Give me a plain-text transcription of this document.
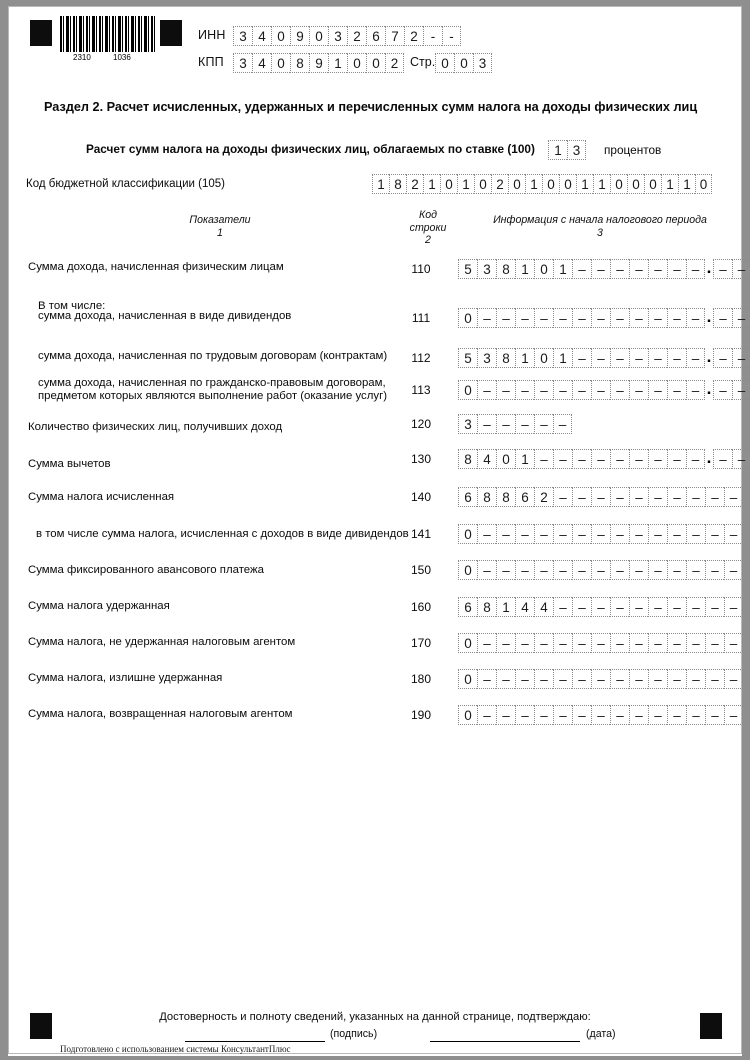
2310	1036
ИНН	3 4 0 9 0 3 2 6 7 2 -	-
КПП	3 4 0 8 9 1 0 0 2 Стр. 0 0 3
Раздел 2. Расчет исчисленных, удержанных и перечисленных сумм налога на доходы физических лиц
Расчет сумм налога на доходы физических лиц, облагаемых по ставке (100)	1 3	процентов
Код бюджетной классификации (105)	1 8 2 1 0 1 0 2 0 1 0 0 1 1 0 0 0 1 1 0
Показатели
1
Код
строки
2
Информация с начала налогового периода
3
В том числе:
Сумма дохода, начисленная физическим лицам	110	5 3 8 1 0 1 – – – – – – – . – –
сумма дохода, начисленная в виде дивидендов	111	0 – – – – – – – – – – – – . – –
сумма дохода, начисленная по трудовым договорам (контрактам)	112	5 3 8 1 0 1 – – – – – – – . – –
сумма дохода, начисленная по гражданско-правовым договорам,
предметом которых являются выполнение работ (оказание услуг)	113	0 – – – – – – – – – – – – . – –
Количество физических лиц, получивших доход	120	3 – – – – –
Сумма вычетов	130	8 4 0 1 – – – – – – – – – . – –
Сумма налога исчисленная	140	6 8 8 6 2 – – – – – – – – – –
в том числе сумма налога, исчисленная с доходов в виде дивидендов 141	0 – – – – – – – – – – – – – –
Сумма фиксированного авансового платежа	150	0 – – – – – – – – – – – – – –
Сумма налога удержанная	160	6 8 1 4 4 – – – – – – – – – –
Сумма налога, не удержанная налоговым агентом	170	0 – – – – – – – – – – – – – –
Сумма налога, излишне удержанная	180	0 – – – – – – – – – – – – – –
Сумма налога, возвращенная налоговым агентом	190	0 – – – – – – – – – – – – – –
Достоверность и полноту сведений, указанных на данной странице, подтверждаю:
(подпись)	(дата)
Подготовлено с использованием системы КонсультантПлюс
